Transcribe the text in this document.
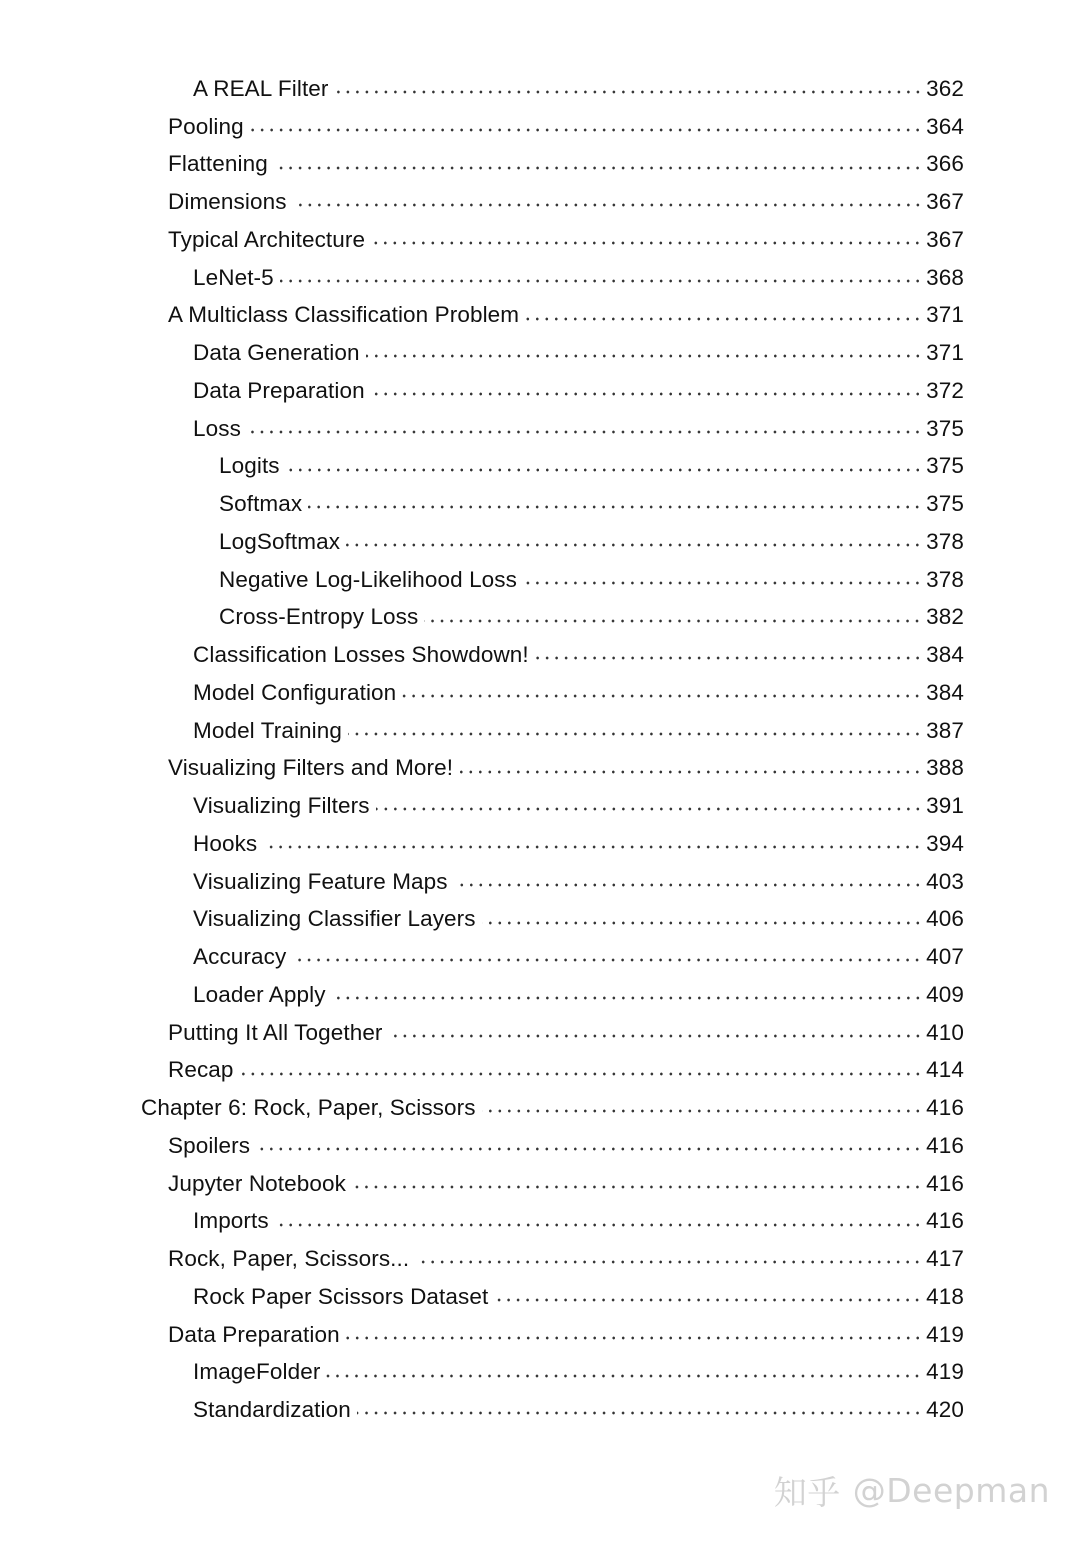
A REAL Filter	362
Pooling	364
Flattening	366
Dimensions	367
Typical Architecture	367
LeNet-5	368
A Multiclass Classification Problem	371
Data Generation	371
Data Preparation	372
Loss	375
Logits	375
Softmax	375
LogSoftmax	378
Negative Log-Likelihood Loss	378
Cross-Entropy Loss	382
Classification Losses Showdown!	384
Model Configuration	384
Model Training	387
Visualizing Filters and More!	388
Visualizing Filters	391
Hooks	394
Visualizing Feature Maps	403
Visualizing Classifier Layers	406
Accuracy	407
Loader Apply	409
Putting It All Together	410
Recap	414
Chapter 6: Rock, Paper, Scissors	416
Spoilers	416
Jupyter Notebook	416
Imports	416
Rock, Paper, Scissors...	417
Rock Paper Scissors Dataset	418
Data Preparation	419
ImageFolder	419
Standardization	420
知乎 @Deepman
